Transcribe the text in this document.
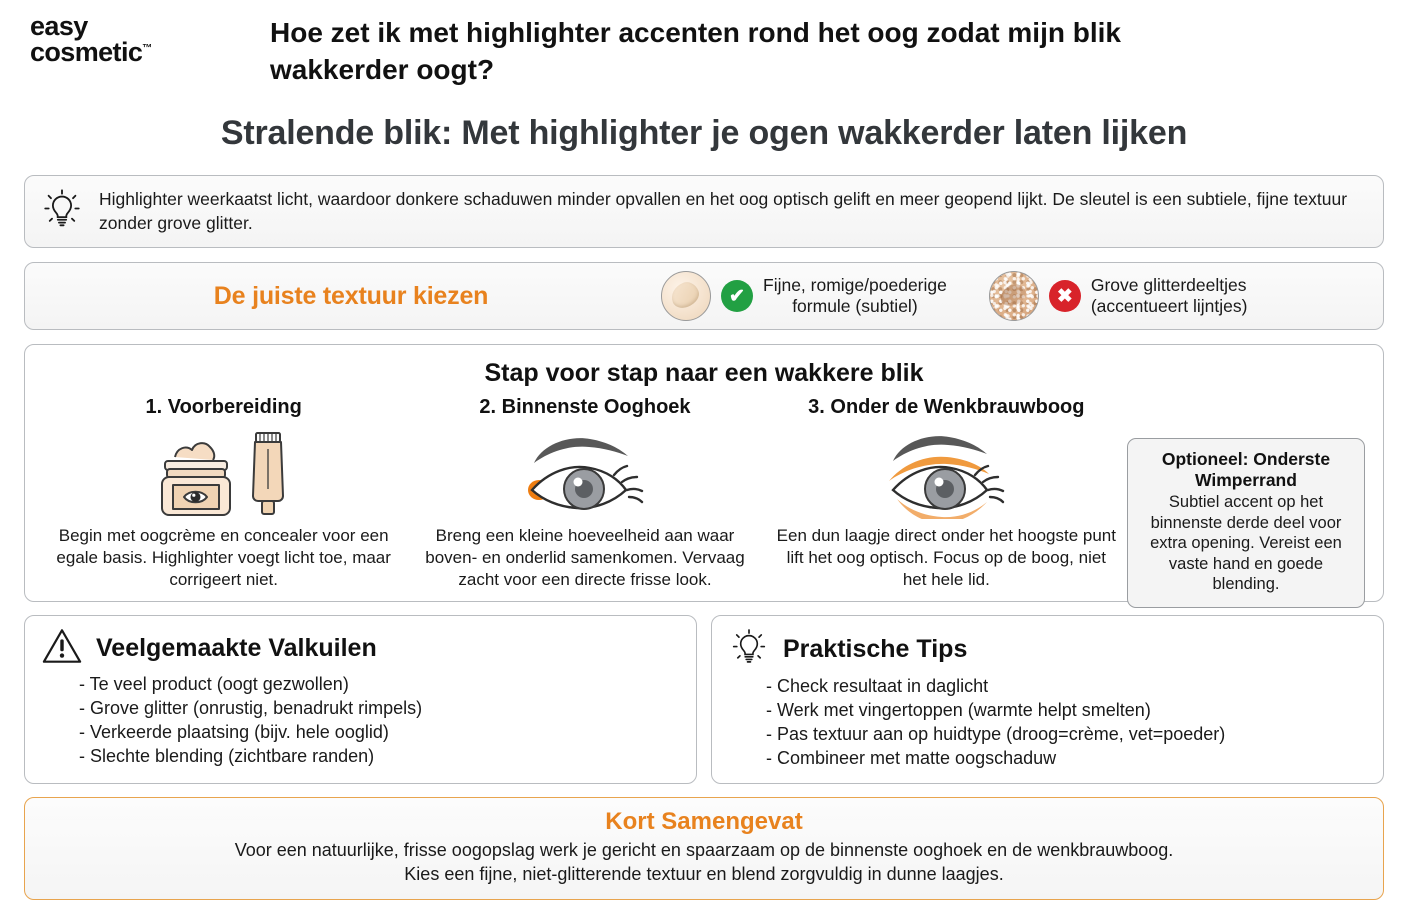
easy
cosmetic™
Hoe zet ik met highlighter accenten rond het oog zodat mijn blik wakkerder oogt?
Stralende blik: Met highlighter je ogen wakkerder laten lijken
Highlighter weerkaatst licht, waardoor donkere schaduwen minder opvallen en het oog optisch gelift en meer geopend lijkt. De sleutel is een subtiele, fijne textuur zonder grove glitter.
De juiste textuur kiezen	✔
Fijne, romige/poederige
formule (subtiel)	✖
Grove glitterdeeltjes
(accentueert lijntjes)
Stap voor stap naar een wakkere blik
1. Voorbereiding
Begin met oogcrème en concealer voor een egale basis. Highlighter voegt licht toe, maar corrigeert niet.
2. Binnenste Ooghoek
Breng een kleine hoeveelheid aan waar boven- en onderlid samenkomen. Vervaag zacht voor een directe frisse look.
3. Onder de Wenkbrauwboog
Een dun laagje direct onder het hoogste punt lift het oog optisch. Focus op de boog, niet het hele lid.
Optioneel: Onderste Wimperrand
Subtiel accent op het binnenste derde deel voor extra opening. Vereist een vaste hand en goede blending.
Veelgemaakte Valkuilen
- Te veel product (oogt gezwollen)
- Grove glitter (onrustig, benadrukt rimpels)
- Verkeerde plaatsing (bijv. hele ooglid)
- Slechte blending (zichtbare randen)
Praktische Tips
- Check resultaat in daglicht
- Werk met vingertoppen (warmte helpt smelten)
- Pas textuur aan op huidtype (droog=crème, vet=poeder)
- Combineer met matte oogschaduw
Kort Samengevat
Voor een natuurlijke, frisse oogopslag werk je gericht en spaarzaam op de binnenste ooghoek en de wenkbrauwboog.
Kies een fijne, niet-glitterende textuur en blend zorgvuldig in dunne laagjes.
